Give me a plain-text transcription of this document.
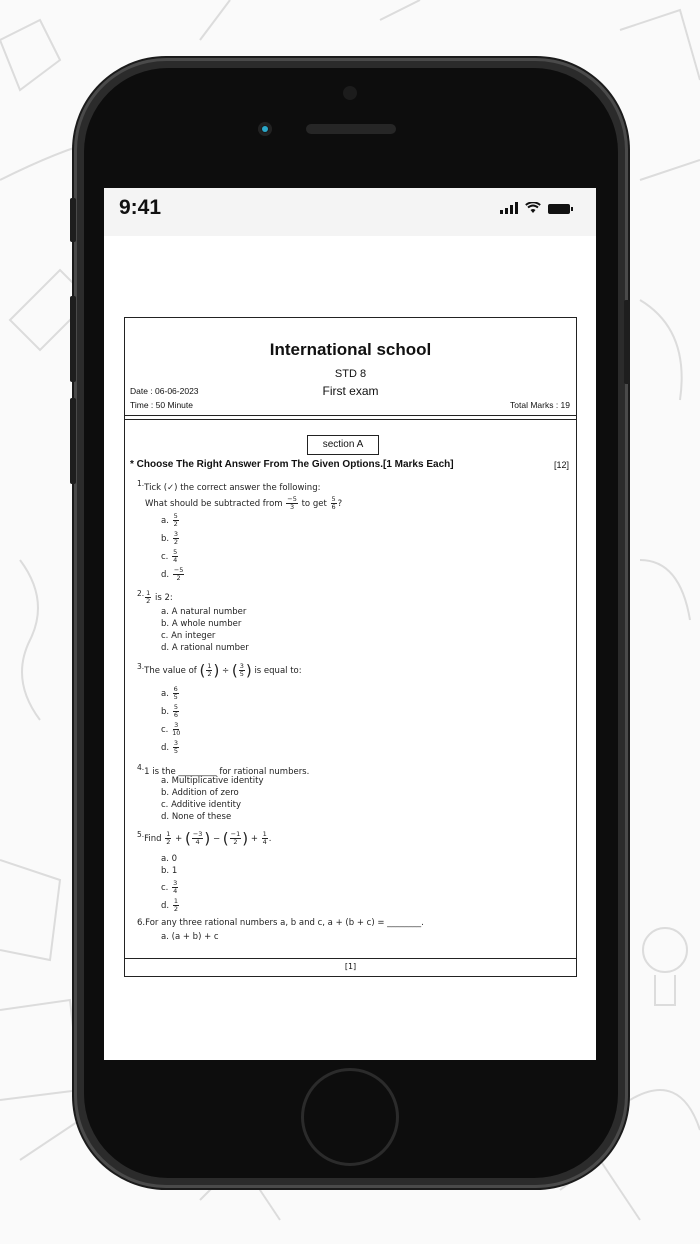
9:41
International school
STD 8
First exam
Date : 06-06-2023
Time : 50 Minute	Total Marks : 19
section A
* Choose The Right Answer From The Given Options.[1 Marks Each]	[12]
1.Tick (✓) the correct answer the following:
What should be subtracted from $\frac{-5}{3}$ to get $\frac{5}{6}$ ?
a. $\frac{5}{2}$
b. $\frac{3}{2}$
c. $\frac{5}{4}$
d. $\frac{-5}{2}$
2. $\frac{1}{2}$ is 2:
a. A natural number
b. A whole number
c. An integer
d. A rational number
3.The value of ( $\frac{1}{2}$ ) ÷ ( $\frac{3}{5}$ ) is equal to:
a. $\frac{6}{5}$
b. $\frac{5}{6}$
c. $\frac{3}{10}$
d. $\frac{3}{5}$
4.1 is the _________ for rational numbers.
a. Multiplicative identity
b. Addition of zero
c. Additive identity
d. None of these
5.Find $\frac{1}{2}$ + ( $\frac{-3}{4}$ ) − ( $\frac{-1}{2}$ ) + $\frac{1}{4}$ .
a. 0
b. 1
c. $\frac{3}{4}$
d. $\frac{1}{2}$
6.For any three rational numbers a, b and c, a + (b + c) = ________.
a. (a + b) + c
[1]
